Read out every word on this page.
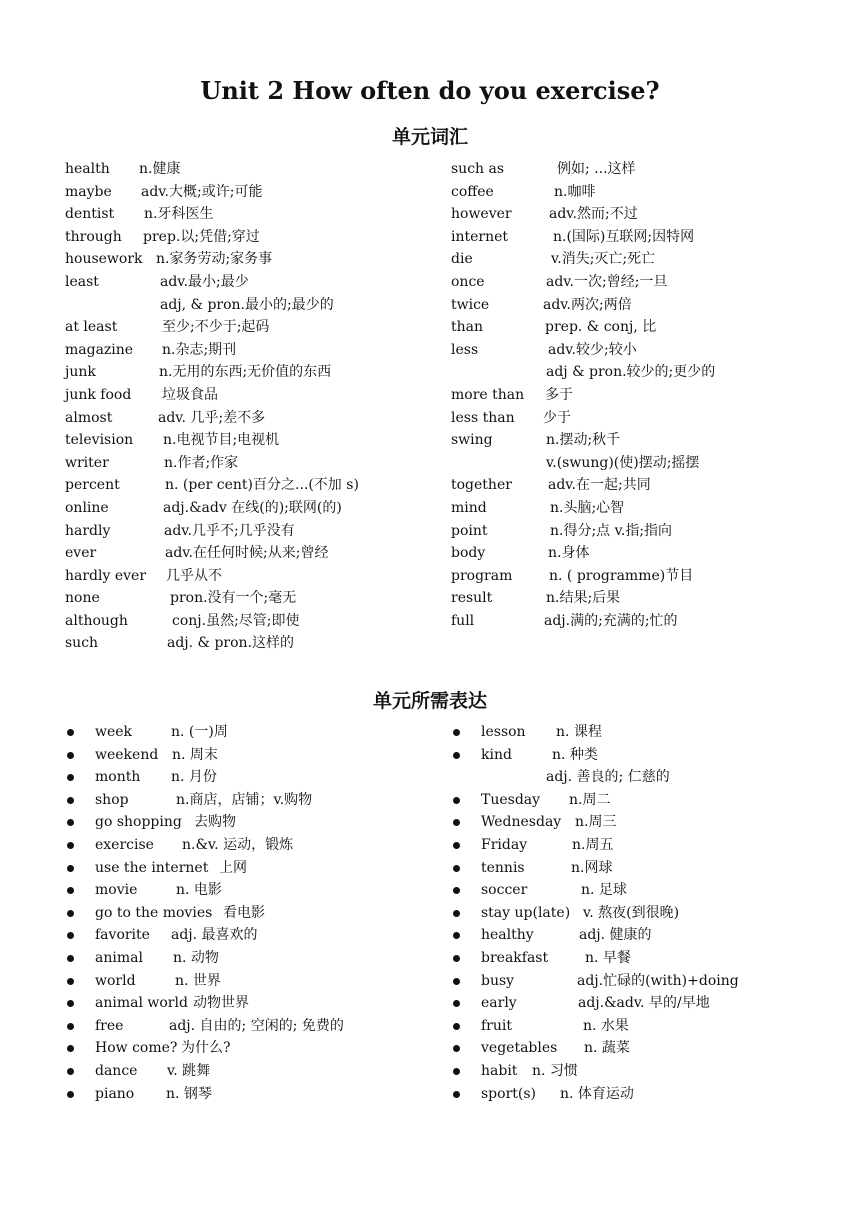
Unit 2 How often do you exercise?
单元词汇
health n.健康
maybe adv.大概;或许;可能
dentist n.牙科医生
through prep.以;凭借;穿过
housework n.家务劳动;家务事
least	adv.最小;最少
adj, & pron.最小的;最少的
at least	至少;不少于;起码
magazine n.杂志;期刊
junk	n.无用的东西;无价值的东西
junk food 垃圾食品
almost	adv. 几乎;差不多
television n.电视节目;电视机
writer	n.作者;作家
percent	n. (per cent)百分之...(不加 s)
online	adj.&adv 在线(的);联网(的)
hardly	adv.几乎不;几乎没有
ever	adv.在任何时候;从来;曾经
hardly ever 几乎从不
none	pron.没有一个;毫无
although	conj.虽然;尽管;即使
such	adj. & pron.这样的
such as	例如; ...这样
coffee	n.咖啡
however	adv.然而;不过
internet	n.(国际)互联网;因特网
die	v.消失;灭亡;死亡
once	adv.一次;曾经;一旦
twice	adv.两次;两倍
than	prep. & conj, 比
less	adv.较少;较小
adj & pron.较少的;更少的
more than 多于
less than 少于
swing	n.摆动;秋千
v.(swung)(使)摆动;摇摆
together	adv.在一起;共同
mind	n.头脑;心智
point	n.得分;点 v.指;指向
body	n.身体
program	n. ( programme)节目
result	n.结果;后果
full	adj.满的;充满的;忙的
单元所需表达
week	n. (一)周
weekend n. 周末
month n. 月份
shop	n.商店，店铺；v.购物
go shopping 去购物
exercise n.&v. 运动，锻炼
use the internet 上网
movie	n. 电影
go to the movies 看电影
favorite adj. 最喜欢的
animal n. 动物
world	n. 世界
animal world 动物世界
free	adj. 自由的; 空闲的; 免费的
How come? 为什么?
dance v. 跳舞
piano n. 钢琴
lesson n. 课程
kind	n. 种类
adj. 善良的; 仁慈的
Tuesday n.周二
Wednesday n.周三
Friday	n.周五
tennis	n.网球
soccer	n. 足球
stay up(late) v. 熬夜(到很晚)
healthy	adj. 健康的
breakfast	n. 早餐
busy	adj.忙碌的(with)+doing
early	adj.&adv. 早的/早地
fruit	n. 水果
vegetables n. 蔬菜
habit n. 习惯
sport(s) n. 体育运动
